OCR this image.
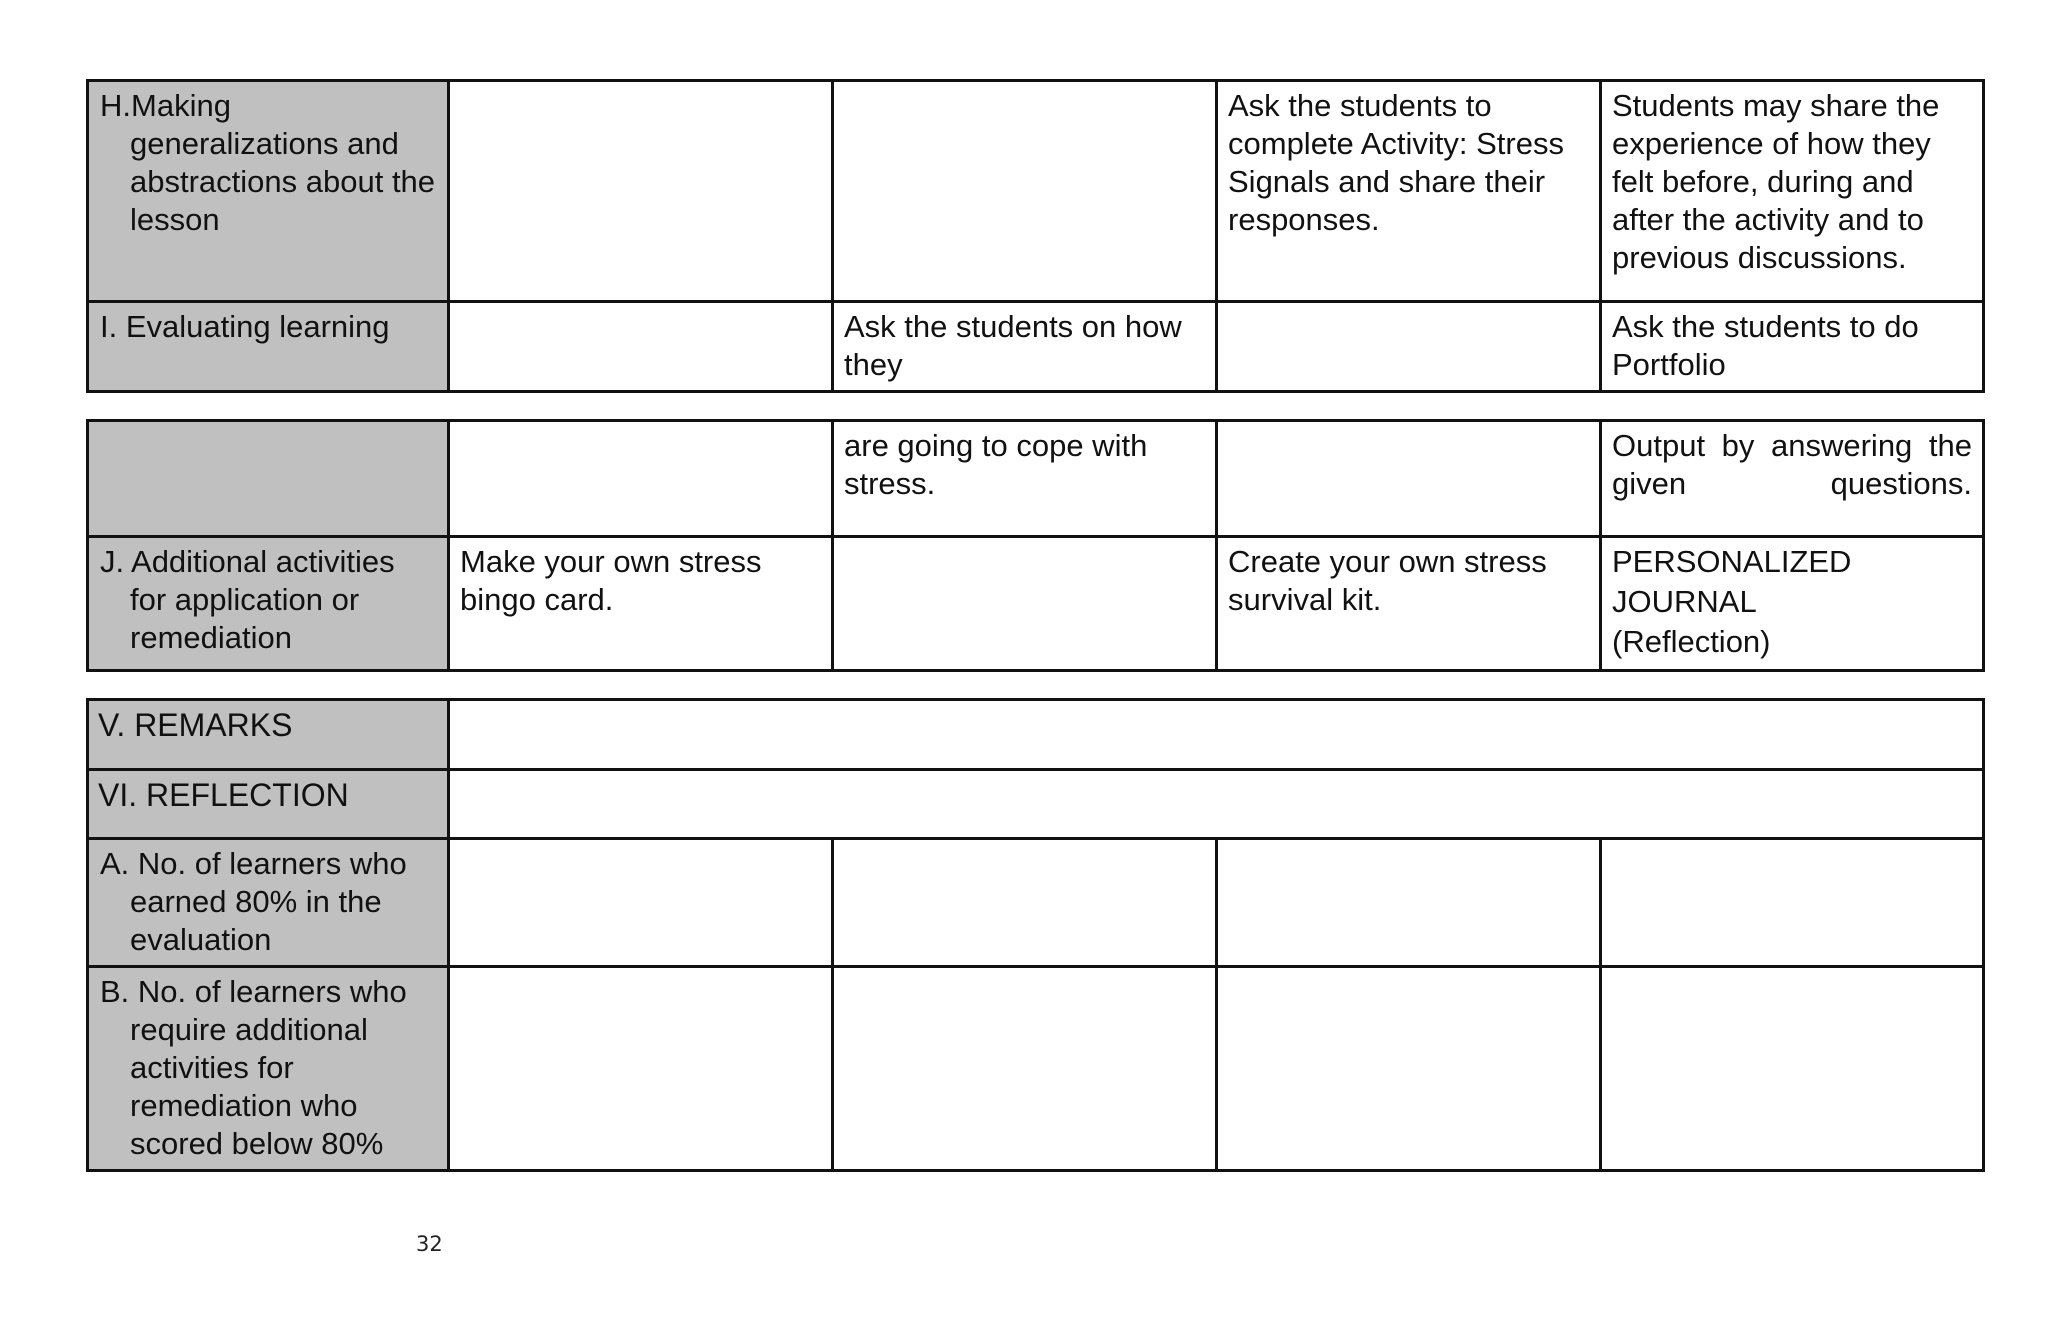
H.Making generalizations and abstractions about the lesson			Ask the students to complete Activity: Stress Signals and share their responses.	Students may share the experience of how they felt before, during and after the activity and to previous discussions.
I. Evaluating learning		Ask the students on how they		Ask the students to do Portfolio
		are going to cope with stress.		Output by answering the given questions.

J. Additional activities for application or remediation	Make your own stress bingo card.		Create your own stress survival kit.	PERSONALIZED
JOURNAL
(Reflection)
V. REMARKS				
VI. REFLECTION				

A. No. of learners who earned 80% in the evaluation				

B. No. of learners who require additional activities for remediation who scored below 80%				

32
